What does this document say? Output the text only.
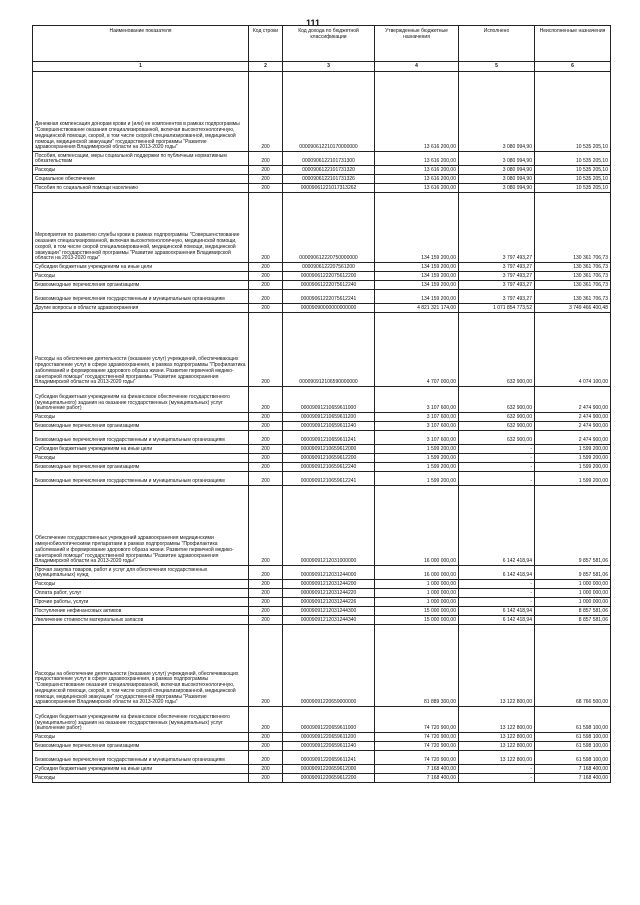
111
Наименование показателя	Код строки	Код дохода по бюджетной классификации	Утвержденные бюджетные назначения	Исполнено	Неисполненные назначения
1	2	3	4	5	6
Денежная компенсация донорам крови и (или) ее компонентов в рамках подпрограммы "Совершенствование оказания специализированной, включая высокотехнологичную, медицинской помощи, скорой, в том числе скорой специализированной, медицинской помощи, медицинской эвакуации" государственной программы "Развитие здравоохранения Владимирской области на 2013-2020 годы"	200	000090612210170000000	13 616 200,00	3 080 994,90	10 535 205,10
Пособия, компенсации, меры социальной поддержки по публичным нормативным обязательствам	200	0000906122101731300	13 616 200,00	3 080 994,90	10 535 205,10
Расходы	200	0000906122101731320	13 616 200,00	3 080 994,90	10 535 205,10
Социальное обеспечение	200	0000906122101731326	13 616 200,00	3 080 994,90	10 535 205,10
Пособия по социальной помощи населению	200	00009061221017313262	13 616 200,00	3 080 994,90	10 535 205,10
Мероприятия по развитию службы крови в рамках подпрограммы "Совершенствование оказания специализированной, включая высокотехнологичную, медицинской помощи, скорой, в том числе скорой специализированной, медицинской помощи, медицинской эвакуации" государственной программы "Развитие здравоохранения Владимирской области на 2013-2020 годы"	200	000090612220750000000	134 159 200,00	3 797 493,27	130 361 706,73
Субсидии бюджетным учреждениям на иные цели	200	0000906122207561200	134 159 200,00	3 797 493,27	130 361 706,73
Расходы	200	00009061222075612200	134 159 200,00	3 797 493,27	130 361 706,73
Безвозмездные перечисления организациям	200	00009061222075612240	134 159 200,00	3 797 493,27	130 361 706,73
Безвозмездные перечисления государственным и муниципальным организациям	200	00009061222075612241	134 159 200,00	3 797 493,27	130 361 706,73
Другие вопросы в области здравоохранения	200	00009090000000000000	4 821 321 174,00	1 071 854 773,52	3 749 466 400,48
Расходы на обеспечение деятельности (оказание услуг) учреждений, обеспечивающих предоставление услуг в сфере здравоохранения, в рамках подпрограммы "Профилактика заболеваний и формирование здорового образа жизни. Развитие первичной медико-санитарной помощи" государственной программы "Развитие здравоохранения Владимирской области на 2013-2020 годы"	200	000090912106590000000	4 707 000,00	632 900,00	4 074 100,00
Субсидии бюджетным учреждениям на финансовое обеспечение государственного (муниципального) задания на оказание государственных (муниципальных) услуг (выполнение работ)	200	00009091210659611000	3 107 600,00	632 900,00	2 474 900,00
Расходы	200	00009091210659611200	3 107 600,00	632 900,00	2 474 900,00
Безвозмездные перечисления организациям	200	00009091210659611240	3 107 600,00	632 900,00	2 474 900,00
Безвозмездные перечисления государственным и муниципальным организациям	200	00009091210659611241	3 107 600,00	632 900,00	2 474 900,00
Субсидии бюджетным учреждениям на иные цели	200	00009091210659612000	1 599 200,00	-	1 599 200,00
Расходы	200	00009091210659612200	1 599 200,00	-	1 599 200,00
Безвозмездные перечисления организациям	200	00009091210659612240	1 599 200,00	-	1 599 200,00
Безвозмездные перечисления государственным и муниципальным организациям	200	00009091210659612241	1 599 200,00	-	1 599 200,00
Обеспечение государственных учреждений здравоохранения медицинскими иммунобиологическими препаратами в рамках подпрограммы "Профилактика заболеваний и формирование здорового образа жизни. Развитие первичной медико-санитарной помощи" государственной программы "Развитие здравоохранения Владимирской области на 2013-2020 годы"	200	00009091212031000000	16 000 000,00	6 142 418,94	9 857 581,06
Прочая закупка товаров, работ и услуг для обеспечения государственных (муниципальных) нужд	200	00009091212031244000	16 000 000,00	6 142 418,94	9 857 581,06
Расходы	200	00009091212031244200	1 000 000,00	-	1 000 000,00
Оплата работ, услуг	200	00009091212031244220	1 000 000,00	-	1 000 000,00
Прочие работы, услуги	200	00009091212031244226	1 000 000,00	-	1 000 000,00
Поступление нефинансовых активов	200	00009091212031244300	15 000 000,00	6 142 418,94	8 857 581,06
Увеличение стоимости материальных запасов	200	00009091212031244340	15 000 000,00	6 142 418,94	8 857 581,06
Расходы на обеспечение деятельности (оказание услуг) учреждений, обеспечивающих предоставление услуг в сфере здравоохранения, в рамках подпрограммы "Совершенствование оказания специализированной, включая высокотехнологичную, медицинской помощи, скорой, в том числе скорой специализированной, медицинской помощи, медицинской эвакуации" государственной программы "Развитие здравоохранения Владимирской области на 2013-2020 годы"	200	00009091220659000000	81 889 300,00	13 122 800,00	68 766 500,00
Субсидии бюджетным учреждениям на финансовое обеспечение государственного (муниципального) задания на оказание государственных (муниципальных) услуг (выполнение работ)	200	00009091220659611000	74 720 900,00	13 122 800,00	61 598 100,00
Расходы	200	00009091220659611200	74 720 900,00	13 122 800,00	61 598 100,00
Безвозмездные перечисления организациям	200	00009091220659611240	74 720 900,00	13 122 800,00	61 598 100,00
Безвозмездные перечисления государственным и муниципальным организациям	200	00009091220659611241	74 720 900,00	13 122 800,00	61 598 100,00
Субсидии бюджетным учреждениям на иные цели	200	00009091220659612000	7 168 400,00	-	7 168 400,00
Расходы	200	00009091220659612200	7 168 400,00	-	7 168 400,00
